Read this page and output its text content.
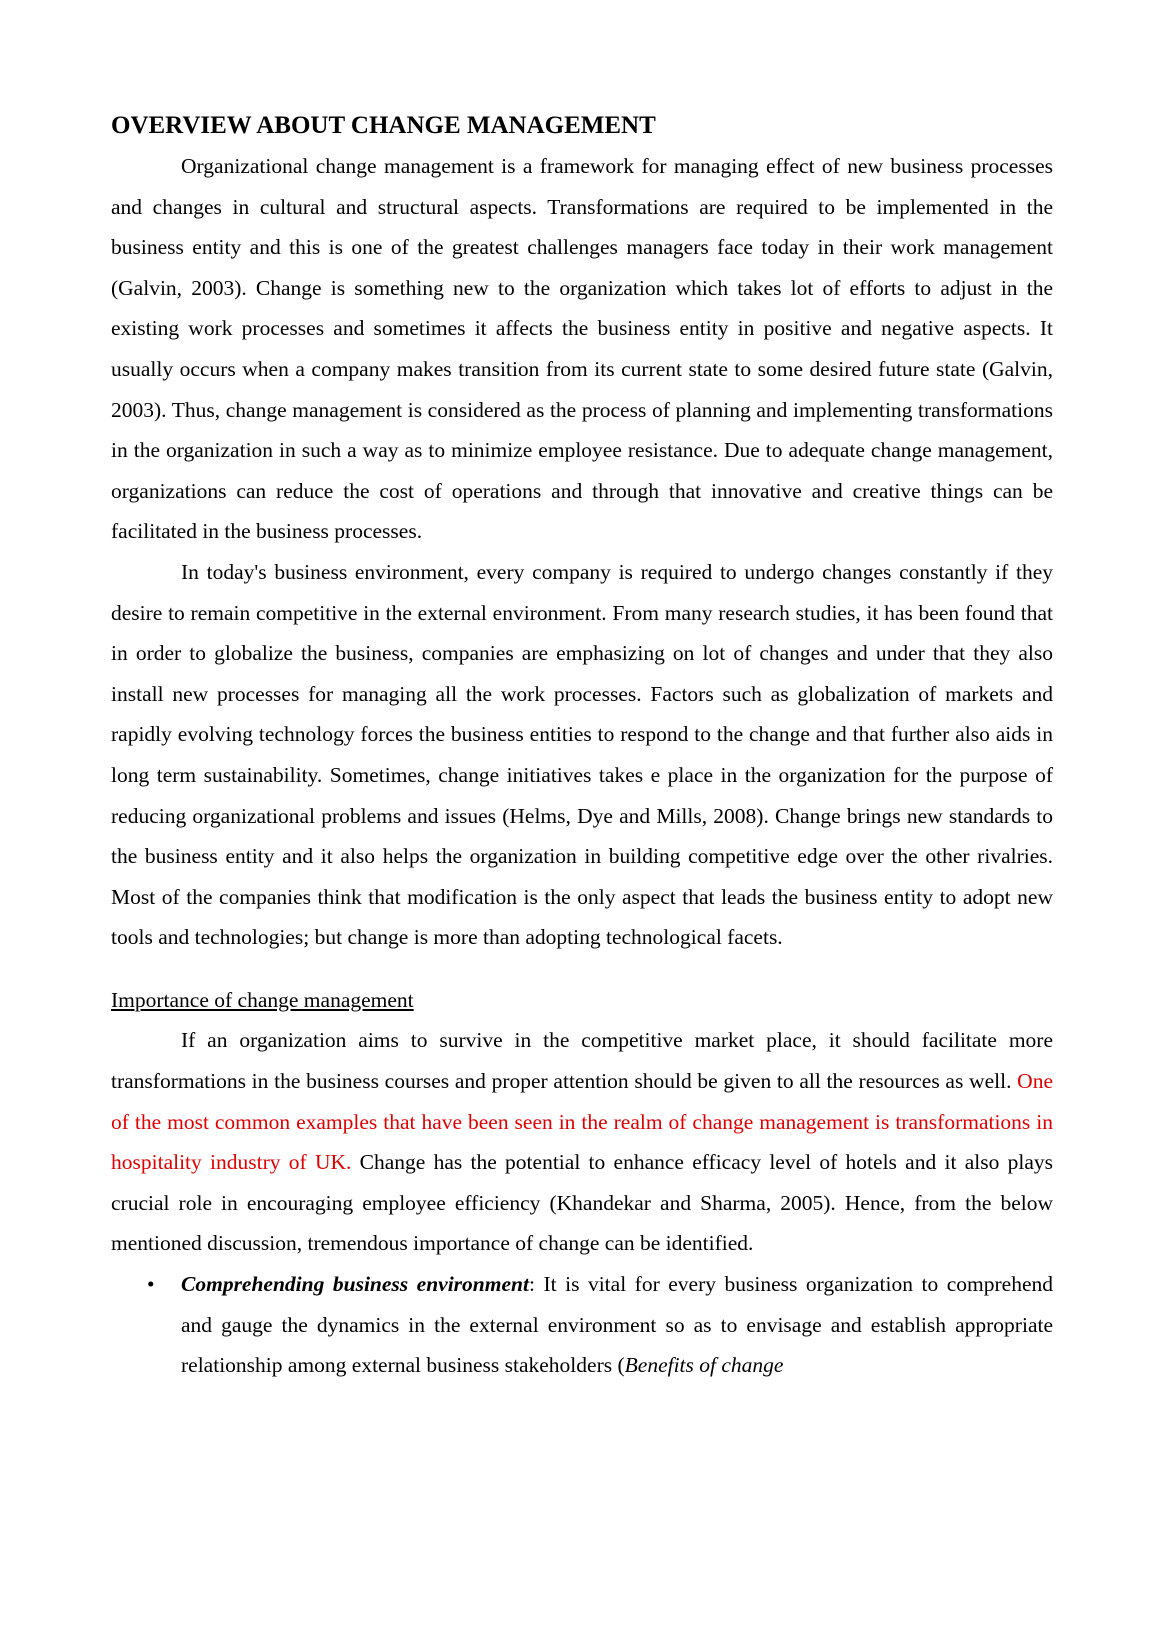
OVERVIEW ABOUT CHANGE MANAGEMENT

Organizational change management is a framework for managing effect of new business processes and changes in cultural and structural aspects. Transformations are required to be implemented in the business entity and this is one of the greatest challenges managers face today in their work management (Galvin, 2003). Change is something new to the organization which takes lot of efforts to adjust in the existing work processes and sometimes it affects the business entity in positive and negative aspects. It usually occurs when a company makes transition from its current state to some desired future state (Galvin, 2003). Thus, change management is considered as the process of planning and implementing transformations in the organization in such a way as to minimize employee resistance. Due to adequate change management, organizations can reduce the cost of operations and through that innovative and creative things can be facilitated in the business processes.

In today's business environment, every company is required to undergo changes constantly if they desire to remain competitive in the external environment. From many research studies, it has been found that in order to globalize the business, companies are emphasizing on lot of changes and under that they also install new processes for managing all the work processes. Factors such as globalization of markets and rapidly evolving technology forces the business entities to respond to the change and that further also aids in long term sustainability. Sometimes, change initiatives takes e place in the organization for the purpose of reducing organizational problems and issues (Helms, Dye and Mills, 2008). Change brings new standards to the business entity and it also helps the organization in building competitive edge over the other rivalries. Most of the companies think that modification is the only aspect that leads the business entity to adopt new tools and technologies; but change is more than adopting technological facets.

Importance of change management

If an organization aims to survive in the competitive market place, it should facilitate more transformations in the business courses and proper attention should be given to all the resources as well. One of the most common examples that have been seen in the realm of change management is transformations in hospitality industry of UK. Change has the potential to enhance efficacy level of hotels and it also plays crucial role in encouraging employee efficiency (Khandekar and Sharma, 2005). Hence, from the below mentioned discussion, tremendous importance of change can be identified.

• Comprehending business environment: It is vital for every business organization to comprehend and gauge the dynamics in the external environment so as to envisage and establish appropriate relationship among external business stakeholders (Benefits of change
